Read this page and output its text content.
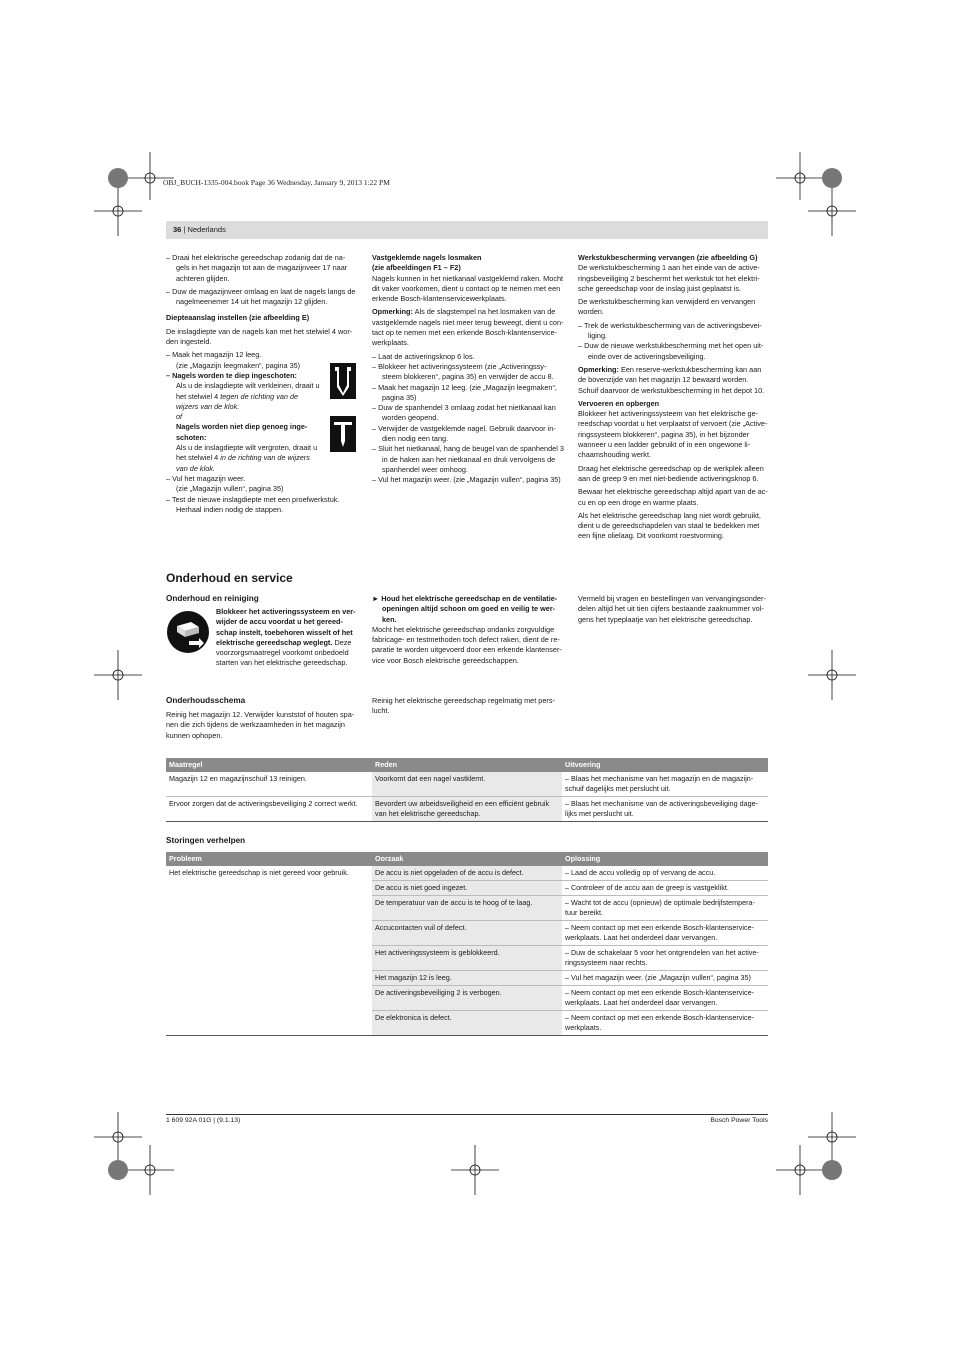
OBJ_BUCH-1335-004.book Page 36 Wednesday, January 9, 2013 1:22 PM
36 | Nederlands

– Draai het elektrische gereedschap zodanig dat de na-gels in het magazijn tot aan de magazijnveer 17 naar achteren glijden.

– Duw de magazijnveer omlaag en laat de nagels langs de nagelmeenemer 14 uit het magazijn 12 glijden.

Diepteaanslag instellen (zie afbeelding E)

De inslagdiepte van de nagels kan met het stelwiel 4 wor-den ingesteld.

– Maak het magazijn 12 leeg.

(zie „Magazijn leegmaken“, pagina 35)

– Nagels worden te diep ingeschoten:

Als u de inslagdiepte wilt verkleinen, draait u het stelwiel 4 tegen de richting van de wijzers van de klok.

of

Nagels worden niet diep genoeg inge-schoten:

Als u de inslagdiepte wilt vergroten, draait u het stelwiel 4 in de richting van de wijzers van de klok.

– Vul het magazijn weer.

(zie „Magazijn vullen“, pagina 35)

– Test de nieuwe inslagdiepte met een proefwerkstuk. Herhaal indien nodig de stappen.

Vastgeklemde nagels losmaken

(zie afbeeldingen F1 – F2)

Nagels kunnen in het nietkanaal vastgeklemd raken. Mocht dit vaker voorkomen, dient u contact op te nemen met een erkende Bosch-klantenservicewerkplaats.

Opmerking: Als de slagstempel na het losmaken van de vastgeklemde nagels niet meer terug beweegt, dient u con-tact op te nemen met een erkende Bosch-klantenservice-werkplaats.

– Laat de activeringsknop 6 los.

– Blokkeer het activeringssysteem (zie „Activeringssy-steem blokkeren“, pagina 35) en verwijder de accu 8.

– Maak het magazijn 12 leeg. (zie „Magazijn leegmaken“, pagina 35)

– Duw de spanhendel 3 omlaag zodat het nietkanaal kan worden geopend.

– Verwijder de vastgeklemde nagel. Gebruik daarvoor in-dien nodig een tang.

– Sluit het nietkanaal, hang de beugel van de spanhendel 3 in de haken aan het nietkanaal en druk vervolgens de spanhendel weer omhoog.

– Vul het magazijn weer. (zie „Magazijn vullen“, pagina 35)

Werkstukbescherming vervangen (zie afbeelding G)

De werkstukbescherming 1 aan het einde van de active-ringsbeveiliging 2 beschermt het werkstuk tot het elektri-sche gereedschap voor de inslag juist geplaatst is.

De werkstukbescherming kan verwijderd en vervangen worden.

– Trek de werkstukbescherming van de activeringsbevei-liging.

– Duw de nieuwe werkstukbescherming met het open uit-einde over de activeringsbeveiliging.

Opmerking: Een reserve-werkstukbescherming kan aan de bovenzijde van het magazijn 12 bewaard worden. Schuif daarvoor de werkstukbescherming in het depot 10.

Vervoeren en opbergen

Blokkeer het activeringssysteem van het elektrische ge-reedschap voordat u het verplaatst of vervoert (zie „Active-ringssysteem blokkeren“, pagina 35), in het bijzonder wanneer u een ladder gebruikt of in een ongewone li-chaamshouding werkt.

Draag het elektrische gereedschap op de werkplek alleen aan de greep 9 en met niet-bediende activeringsknop 6.

Bewaar het elektrische gereedschap altijd apart van de ac-cu en op een droge en warme plaats.

Als het elektrische gereedschap lang niet wordt gebruikt, dient u de gereedschapdelen van staal te bedekken met een fijne olielaag. Dit voorkomt roestvorming.

Onderhoud en service
Onderhoud en reiniging

Blokkeer het activeringssysteem en ver-wijder de accu voordat u het gereed-schap instelt, toebehoren wisselt of het elektrische gereedschap weglegt. Deze voorzorgsmaatregel voorkomt onbedoeld starten van het elektrische gereedschap.

► Houd het elektrische gereedschap en de ventilatie-openingen altijd schoon om goed en veilig te wer-ken.

Mocht het elektrische gereedschap ondanks zorgvuldige fabricage- en testmethoden toch defect raken, dient de re-paratie te worden uitgevoerd door een erkende klantenser-vice voor Bosch elektrische gereedschappen.

Vermeld bij vragen en bestellingen van vervangingsonder-delen altijd het uit tien cijfers bestaande zaaknummer vol-gens het typeplaatje van het elektrische gereedschap.

Onderhoudsschema

Reinig het magazijn 12. Verwijder kunststof of houten spa-nen die zich tijdens de werkzaamheden in het magazijn kunnen ophopen.

Reinig het elektrische gereedschap regelmatig met pers-lucht.

Maatregel	Reden	Uitvoering
Magazijn 12 en magazijnschuif 13 reinigen.	Voorkomt dat een nagel vastklemt.	– Blaas het mechanisme van het magazijn en de magazijn-schuif dagelijks met perslucht uit.
Ervoor zorgen dat de activeringsbeveiliging 2 correct werkt.	Bevordert uw arbeidsveiligheid en een efficiënt gebruik van het elektrische gereedschap.	– Blaas het mechanisme van de activeringsbeveiliging dage-lijks met perslucht uit.
Storingen verhelpen
Probleem	Oorzaak	Oplossing
Het elektrische gereedschap is niet gereed voor gebruik.	De accu is niet opgeladen of de accu is defect.	– Laad de accu volledig op of vervang de accu.
	De accu is niet goed ingezet.	– Controleer of de accu aan de greep is vastgeklikt.
	De temperatuur van de accu is te hoog of te laag.	– Wacht tot de accu (opnieuw) de optimale bedrijfstempera-tuur bereikt.
	Accucontacten vuil of defect.	– Neem contact op met een erkende Bosch-klantenservice-werkplaats. Laat het onderdeel daar vervangen.
	Het activeringssysteem is geblokkeerd.	– Duw de schakelaar 5 voor het ontgrendelen van het active-ringssysteem naar rechts.
	Het magazijn 12 is leeg.	– Vul het magazijn weer. (zie „Magazijn vullen“, pagina 35)
	De activeringsbeveiliging 2 is verbogen.	– Neem contact op met een erkende Bosch-klantenservice-werkplaats. Laat het onderdeel daar vervangen.
	De elektronica is defect.	– Neem contact op met een erkende Bosch-klantenservice-werkplaats.
1 609 92A 01G | (9.1.13)	Bosch Power Tools
